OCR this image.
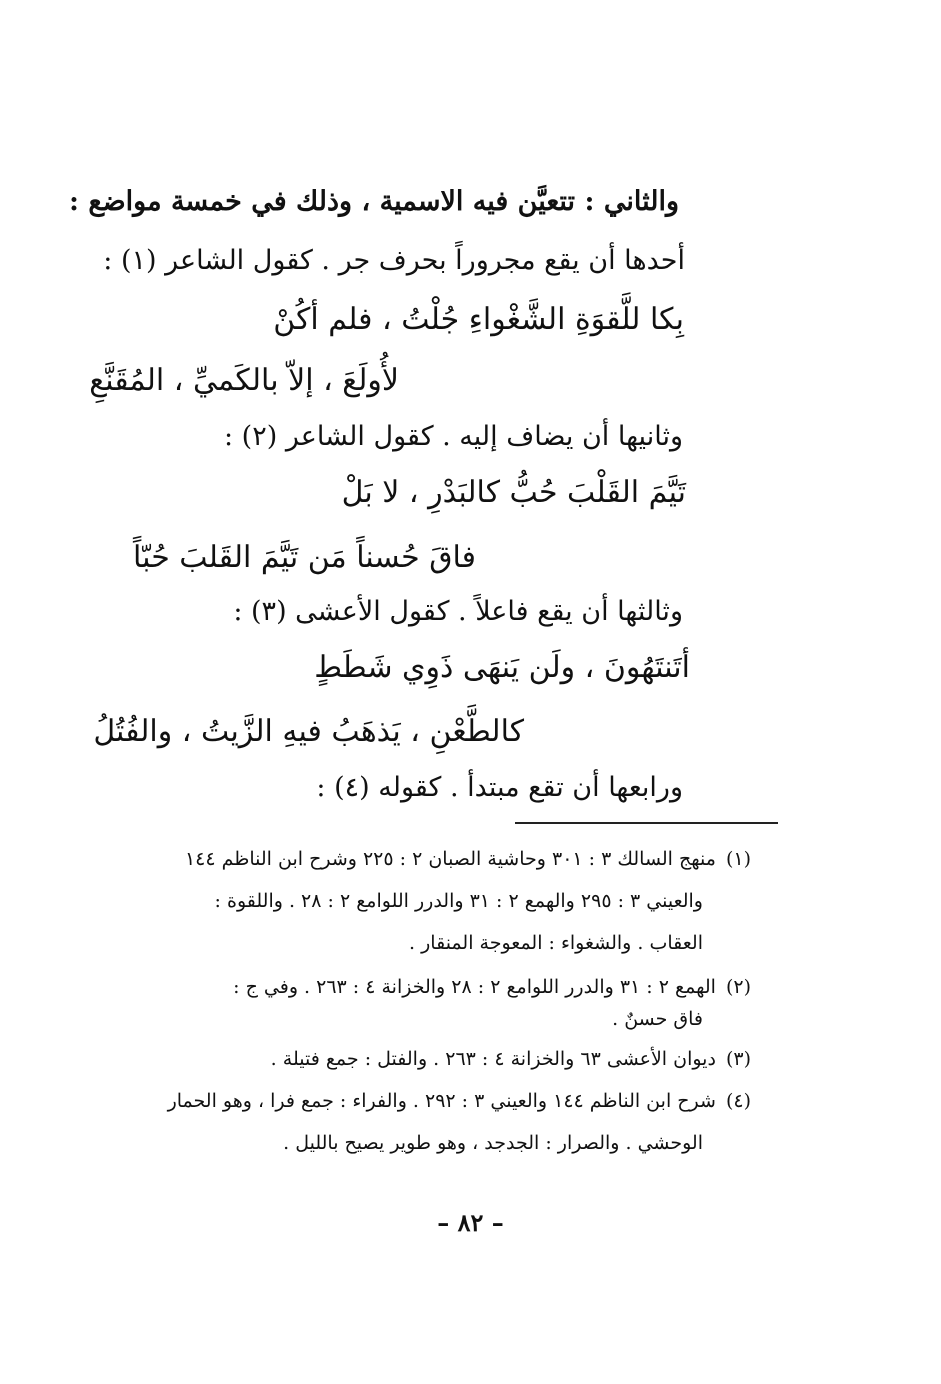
والثاني : تتعيَّن فيه الاسمية ، وذلك في خمسة مواضع :
أحدها أن يقع مجروراً بحرف جر . كقول الشاعر (١) :
بِكا للَّقوَةِ الشَّغْواءِ جُلْتُ ، فلم أكُنْ
لأُولَعَ ، إلاّ بالكَميِّ ، المُقَنَّعِ
وثانيها أن يضاف إليه . كقول الشاعر (٢) :
تَيَّمَ القَلْبَ حُبُّ كالبَدْرِ ، لا بَلْ
فاقَ حُسناً مَن تَيَّمَ القَلبَ حُبّاً
وثالثها أن يقع فاعلاً . كقول الأعشى (٣) :
أتَنتَهُونَ ، ولَن يَنهَى ذَوِي شَطَطٍ
كالطَّعْنِ ، يَذهَبُ فيهِ الزَّيتُ ، والفُتُلُ
ورابعها أن تقع مبتدأ . كقوله (٤) :
(١)منهج السالك ٣ : ٣٠١ وحاشية الصبان ٢ : ٢٢٥ وشرح ابن الناظم ١٤٤
والعيني ٣ : ٢٩٥ والهمع ٢ : ٣١ والدرر اللوامع ٢ : ٢٨ . واللقوة :
العقاب . والشغواء : المعوجة المنقار .
(٢)الهمع ٢ : ٣١ والدرر اللوامع ٢ : ٢٨ والخزانة ٤ : ٢٦٣ . وفي ج :
فاق حسنٌ .
(٣)ديوان الأعشى ٦٣ والخزانة ٤ : ٢٦٣ . والفتل : جمع فتيلة .
(٤)شرح ابن الناظم ١٤٤ والعيني ٣ : ٢٩٢ . والفراء : جمع فرا ، وهو الحمار
الوحشي . والصرار : الجدجد ، وهو طوير يصيح بالليل .
– ٨٢ –
